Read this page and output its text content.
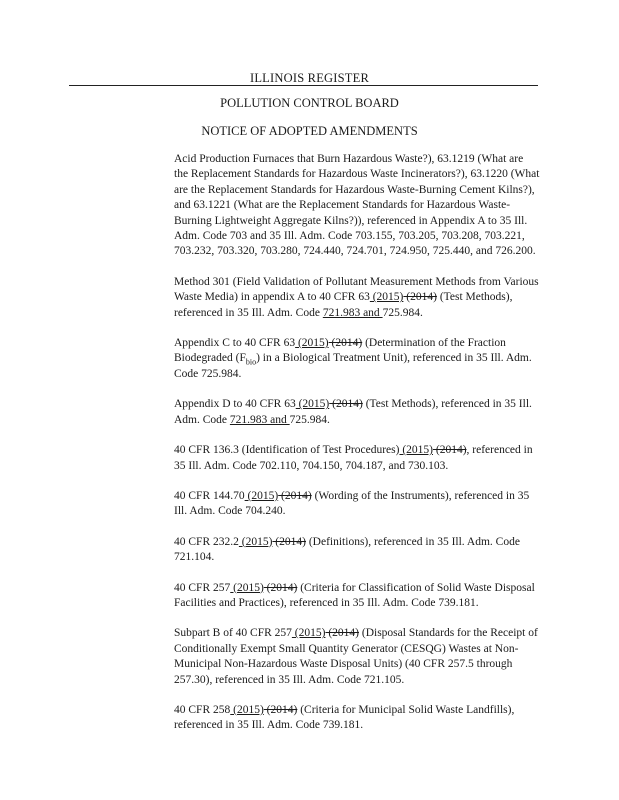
ILLINOIS REGISTER
POLLUTION CONTROL BOARD
NOTICE OF ADOPTED AMENDMENTS

Acid Production Furnaces that Burn Hazardous Waste?), 63.1219 (What are the Replacement Standards for Hazardous Waste Incinerators?), 63.1220 (What are the Replacement Standards for Hazardous Waste-Burning Cement Kilns?), and 63.1221 (What are the Replacement Standards for Hazardous Waste-Burning Lightweight Aggregate Kilns?)), referenced in Appendix A to 35 Ill. Adm. Code 703 and 35 Ill. Adm. Code 703.155, 703.205, 703.208, 703.221, 703.232, 703.320, 703.280, 724.440, 724.701, 724.950, 725.440, and 726.200.

Method 301 (Field Validation of Pollutant Measurement Methods from Various Waste Media) in appendix A to 40 CFR 63 (2015) (2014) (Test Methods), referenced in 35 Ill. Adm. Code 721.983 and 725.984.

Appendix C to 40 CFR 63 (2015) (2014) (Determination of the Fraction Biodegraded $(F_{bio})$ in a Biological Treatment Unit), referenced in 35 Ill. Adm. Code 725.984.

Appendix D to 40 CFR 63 (2015) (2014) (Test Methods), referenced in 35 Ill. Adm. Code 721.983 and 725.984.

40 CFR 136.3 (Identification of Test Procedures) (2015) (2014), referenced in 35 Ill. Adm. Code 702.110, 704.150, 704.187, and 730.103.

40 CFR 144.70 (2015) (2014) (Wording of the Instruments), referenced in 35 Ill. Adm. Code 704.240.

40 CFR 232.2 (2015) (2014) (Definitions), referenced in 35 Ill. Adm. Code 721.104.

40 CFR 257 (2015) (2014) (Criteria for Classification of Solid Waste Disposal Facilities and Practices), referenced in 35 Ill. Adm. Code 739.181.

Subpart B of 40 CFR 257 (2015) (2014) (Disposal Standards for the Receipt of Conditionally Exempt Small Quantity Generator (CESQG) Wastes at Non-Municipal Non-Hazardous Waste Disposal Units) (40 CFR 257.5 through 257.30), referenced in 35 Ill. Adm. Code 721.105.

40 CFR 258 (2015) (2014) (Criteria for Municipal Solid Waste Landfills), referenced in 35 Ill. Adm. Code 739.181.
